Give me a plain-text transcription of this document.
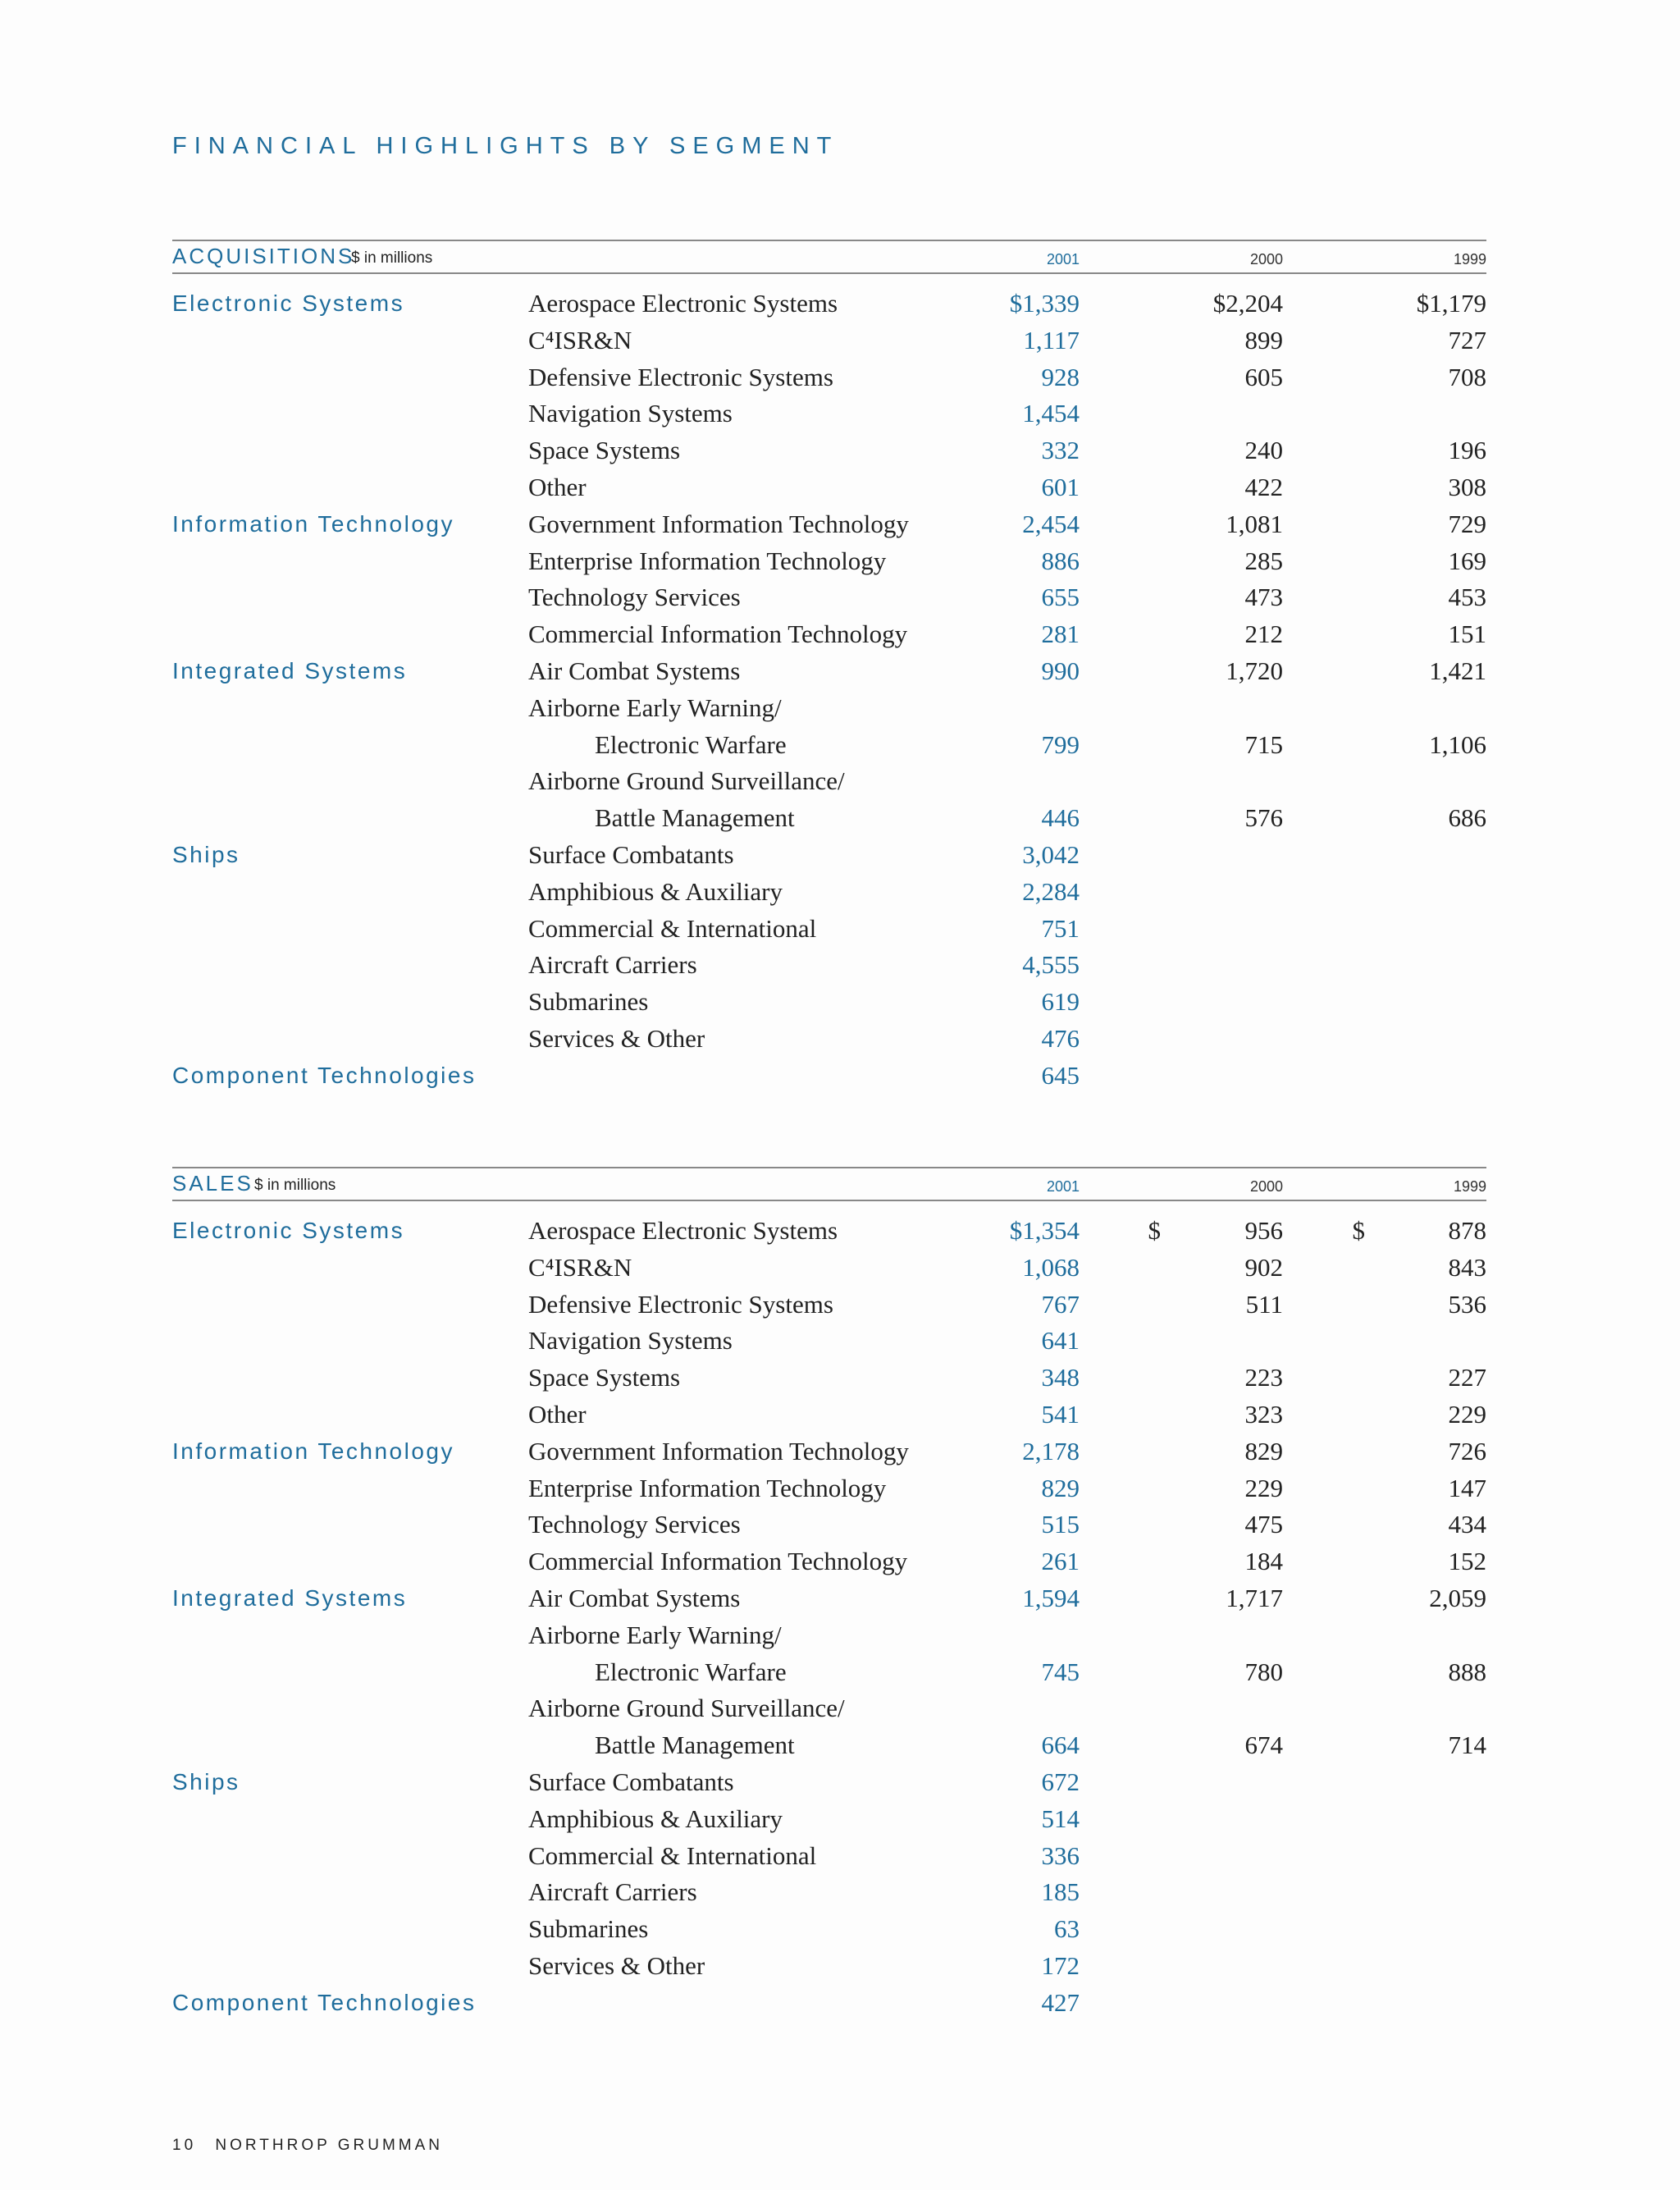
FINANCIAL HIGHLIGHTS BY SEGMENT
ACQUISITIONS
$ in millions	2001	2000	1999
Electronic Systems	Aerospace Electronic Systems	$1,339	$2,204	$1,179
C⁴ISR&N	1,117	899	727
Defensive Electronic Systems	928	605	708
Navigation Systems	1,454
Space Systems	332	240	196
Other	601	422	308
Information Technology	Government Information Technology	2,454	1,081	729
Enterprise Information Technology	886	285	169
Technology Services	655	473	453
Commercial Information Technology	281	212	151
Integrated Systems	Air Combat Systems	990	1,720	1,421
Airborne Early Warning/
Electronic Warfare	799	715	1,106
Airborne Ground Surveillance/
Battle Management	446	576	686
Ships	Surface Combatants	3,042
Amphibious & Auxiliary	2,284
Commercial & International	751
Aircraft Carriers	4,555
Submarines	619
Services & Other	476
Component Technologies	645
SALES $ in millions	2001	2000	1999
Electronic Systems	Aerospace Electronic Systems	$1,354	$	956	$	878
C⁴ISR&N	1,068	902	843
Defensive Electronic Systems	767	511	536
Navigation Systems	641
Space Systems	348	223	227
Other	541	323	229
Information Technology	Government Information Technology	2,178	829	726
Enterprise Information Technology	829	229	147
Technology Services	515	475	434
Commercial Information Technology	261	184	152
Integrated Systems	Air Combat Systems	1,594	1,717	2,059
Airborne Early Warning/
Electronic Warfare	745	780	888
Airborne Ground Surveillance/
Battle Management	664	674	714
Ships	Surface Combatants	672
Amphibious & Auxiliary	514
Commercial & International	336
Aircraft Carriers	185
Submarines	63
Services & Other	172
Component Technologies	427
10 NORTHROP GRUMMAN
